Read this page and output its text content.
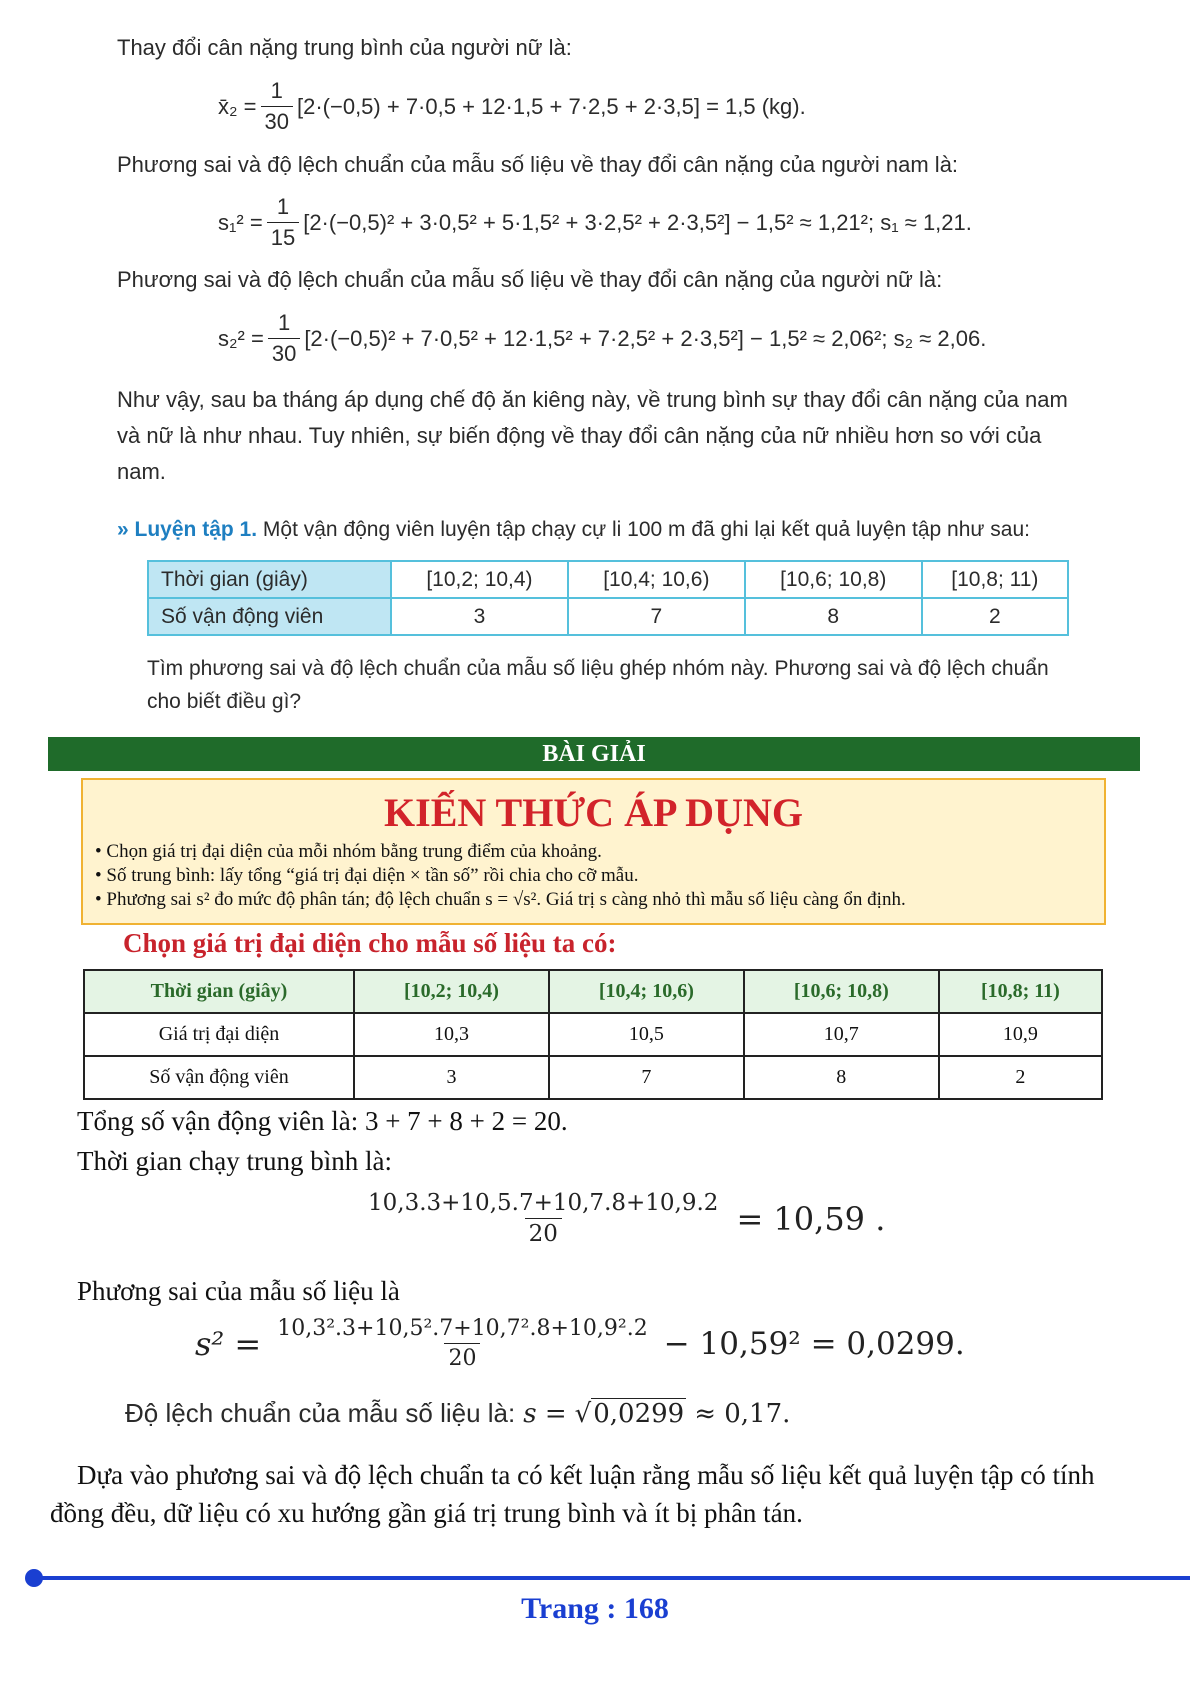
Thay đổi cân nặng trung bình của người nữ là:
x̄₂ = $\frac{1}{30} [2\cdot(-0,5) + 7\cdot 0,5 + 12\cdot 1,5 + 7\cdot 2,5 + 2\cdot 3,5] = 1,5$ (kg).
Phương sai và độ lệch chuẩn của mẫu số liệu về thay đổi cân nặng của người nam là:
$s_1^2 = \frac{1}{15} [2\cdot(-0,5)^2 + 3\cdot 0,5^2 + 5\cdot 1,5^2 + 3\cdot 2,5^2 + 2\cdot 3,5^2] - 1,5^2 \approx 1,21^2$; s₁ ≈ 1,21.
Phương sai và độ lệch chuẩn của mẫu số liệu về thay đổi cân nặng của người nữ là:
$s_2^2 = \frac{1}{30} [2\cdot(-0,5)^2 + 7\cdot 0,5^2 + 12\cdot 1,5^2 + 7\cdot 2,5^2 + 2\cdot 3,5^2] - 1,5^2 \approx 2,06^2$; s₂ ≈ 2,06.
Như vậy, sau ba tháng áp dụng chế độ ăn kiêng này, về trung bình sự thay đổi cân nặng của nam và nữ là như nhau. Tuy nhiên, sự biến động về thay đổi cân nặng của nữ nhiều hơn so với của nam.
» Luyện tập 1. Một vận động viên luyện tập chạy cự li 100 m đã ghi lại kết quả luyện tập như sau:
Thời gian (giây)	[10,2; 10,4)	[10,4; 10,6)	[10,6; 10,8)	[10,8; 11)
Số vận động viên	3	7	8	2
Tìm phương sai và độ lệch chuẩn của mẫu số liệu ghép nhóm này. Phương sai và độ lệch chuẩn cho biết điều gì?
BÀI GIẢI
KIẾN THỨC ÁP DỤNG
• Chọn giá trị đại diện của mỗi nhóm bằng trung điểm của khoảng.
• Số trung bình: lấy tổng “giá trị đại diện × tần số” rồi chia cho cỡ mẫu.
• Phương sai s² đo mức độ phân tán; độ lệch chuẩn s = √s². Giá trị s càng nhỏ thì mẫu số liệu càng ổn định.
Chọn giá trị đại diện cho mẫu số liệu ta có:
Thời gian (giây)	[10,2; 10,4)	[10,4; 10,6)	[10,6; 10,8)	[10,8; 11)
Giá trị đại diện	10,3	10,5	10,7	10,9
Số vận động viên	3	7	8	2
Tổng số vận động viên là: 3 + 7 + 8 + 2 = 20.
Thời gian chạy trung bình là:
$\frac{10,3.3+10,5.7+10,7.8+10,9.2}{20} = 10,59$ .
Phương sai của mẫu số liệu là
$s^2 = \frac{\text{10,3².3+10,5².7+10,7².8+10,9².2}}{20} - 10,59^2 = 0,0299$.
Độ lệch chuẩn của mẫu số liệu là: s = √ 0,0299 ≈ 0,17.
Dựa vào phương sai và độ lệch chuẩn ta có kết luận rằng mẫu số liệu kết quả luyện tập có tính đồng đều, dữ liệu có xu hướng gần giá trị trung bình và ít bị phân tán.
Trang : 168
